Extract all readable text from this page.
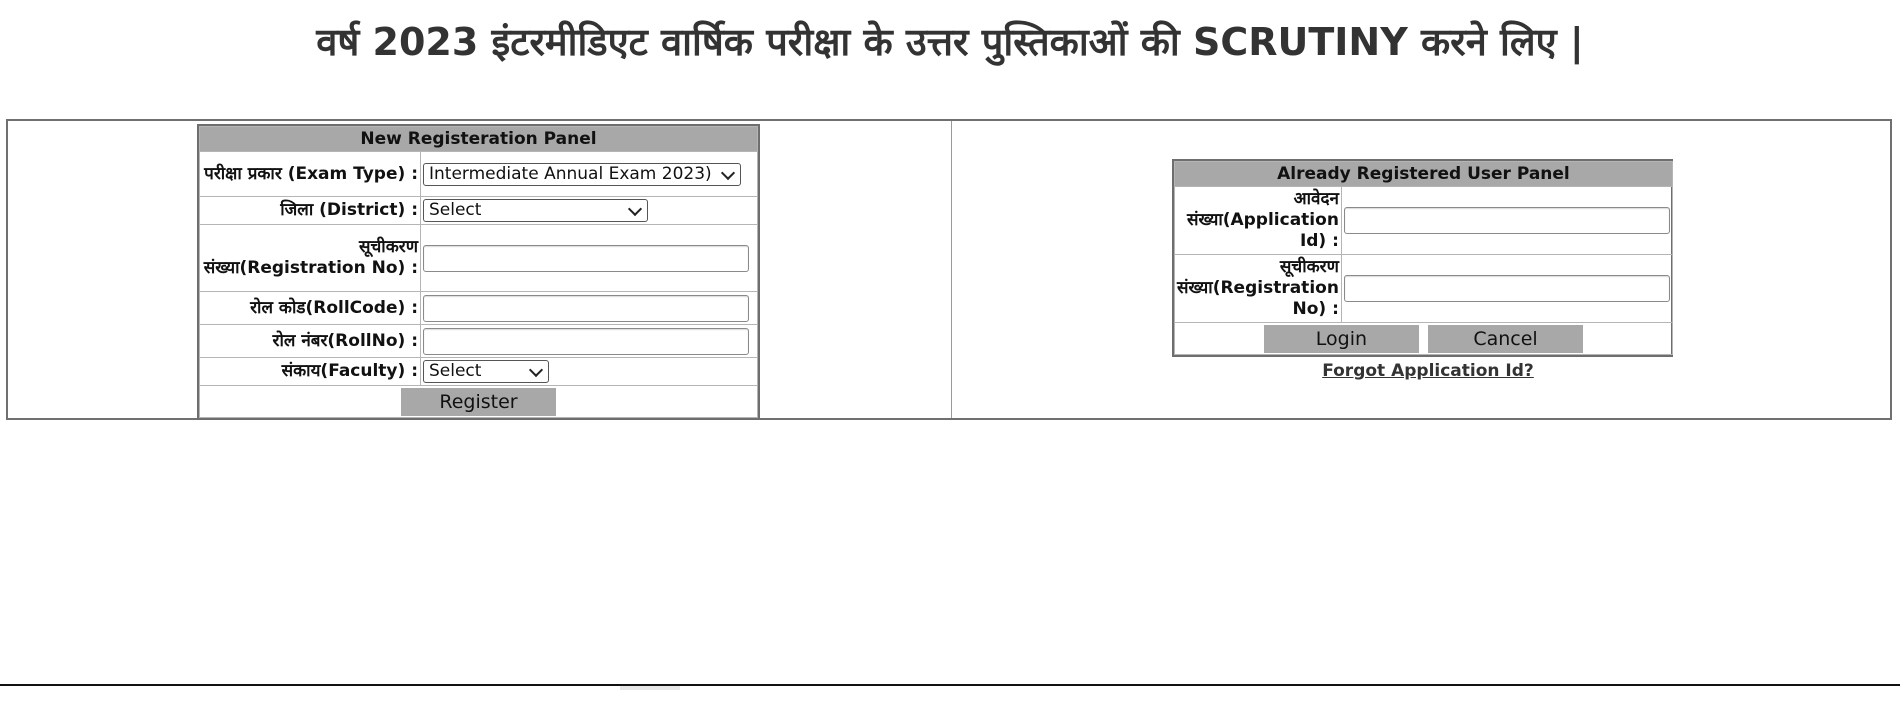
वर्ष 2023 इंटरमीडिएट वार्षिक परीक्षा के उत्तर पुस्तिकाओं की SCRUTINY करने लिए |
New Registeration Panel	
परीक्षा प्रकार (Exam Type) :	Intermediate Annual Exam 2023)

जिला (District) :	Select

सूचीकरण संख्या(Registration No) :	

रोल कोड(RollCode) :	

रोल नंबर(RollNo) :	

संकाय(Faculty) :	Select

Register	
Already Registered User Panel	
आवेदन संख्या(Application Id) :	

सूचीकरण संख्या(Registration No) :	

Login Cancel	
Forgot Application Id?
